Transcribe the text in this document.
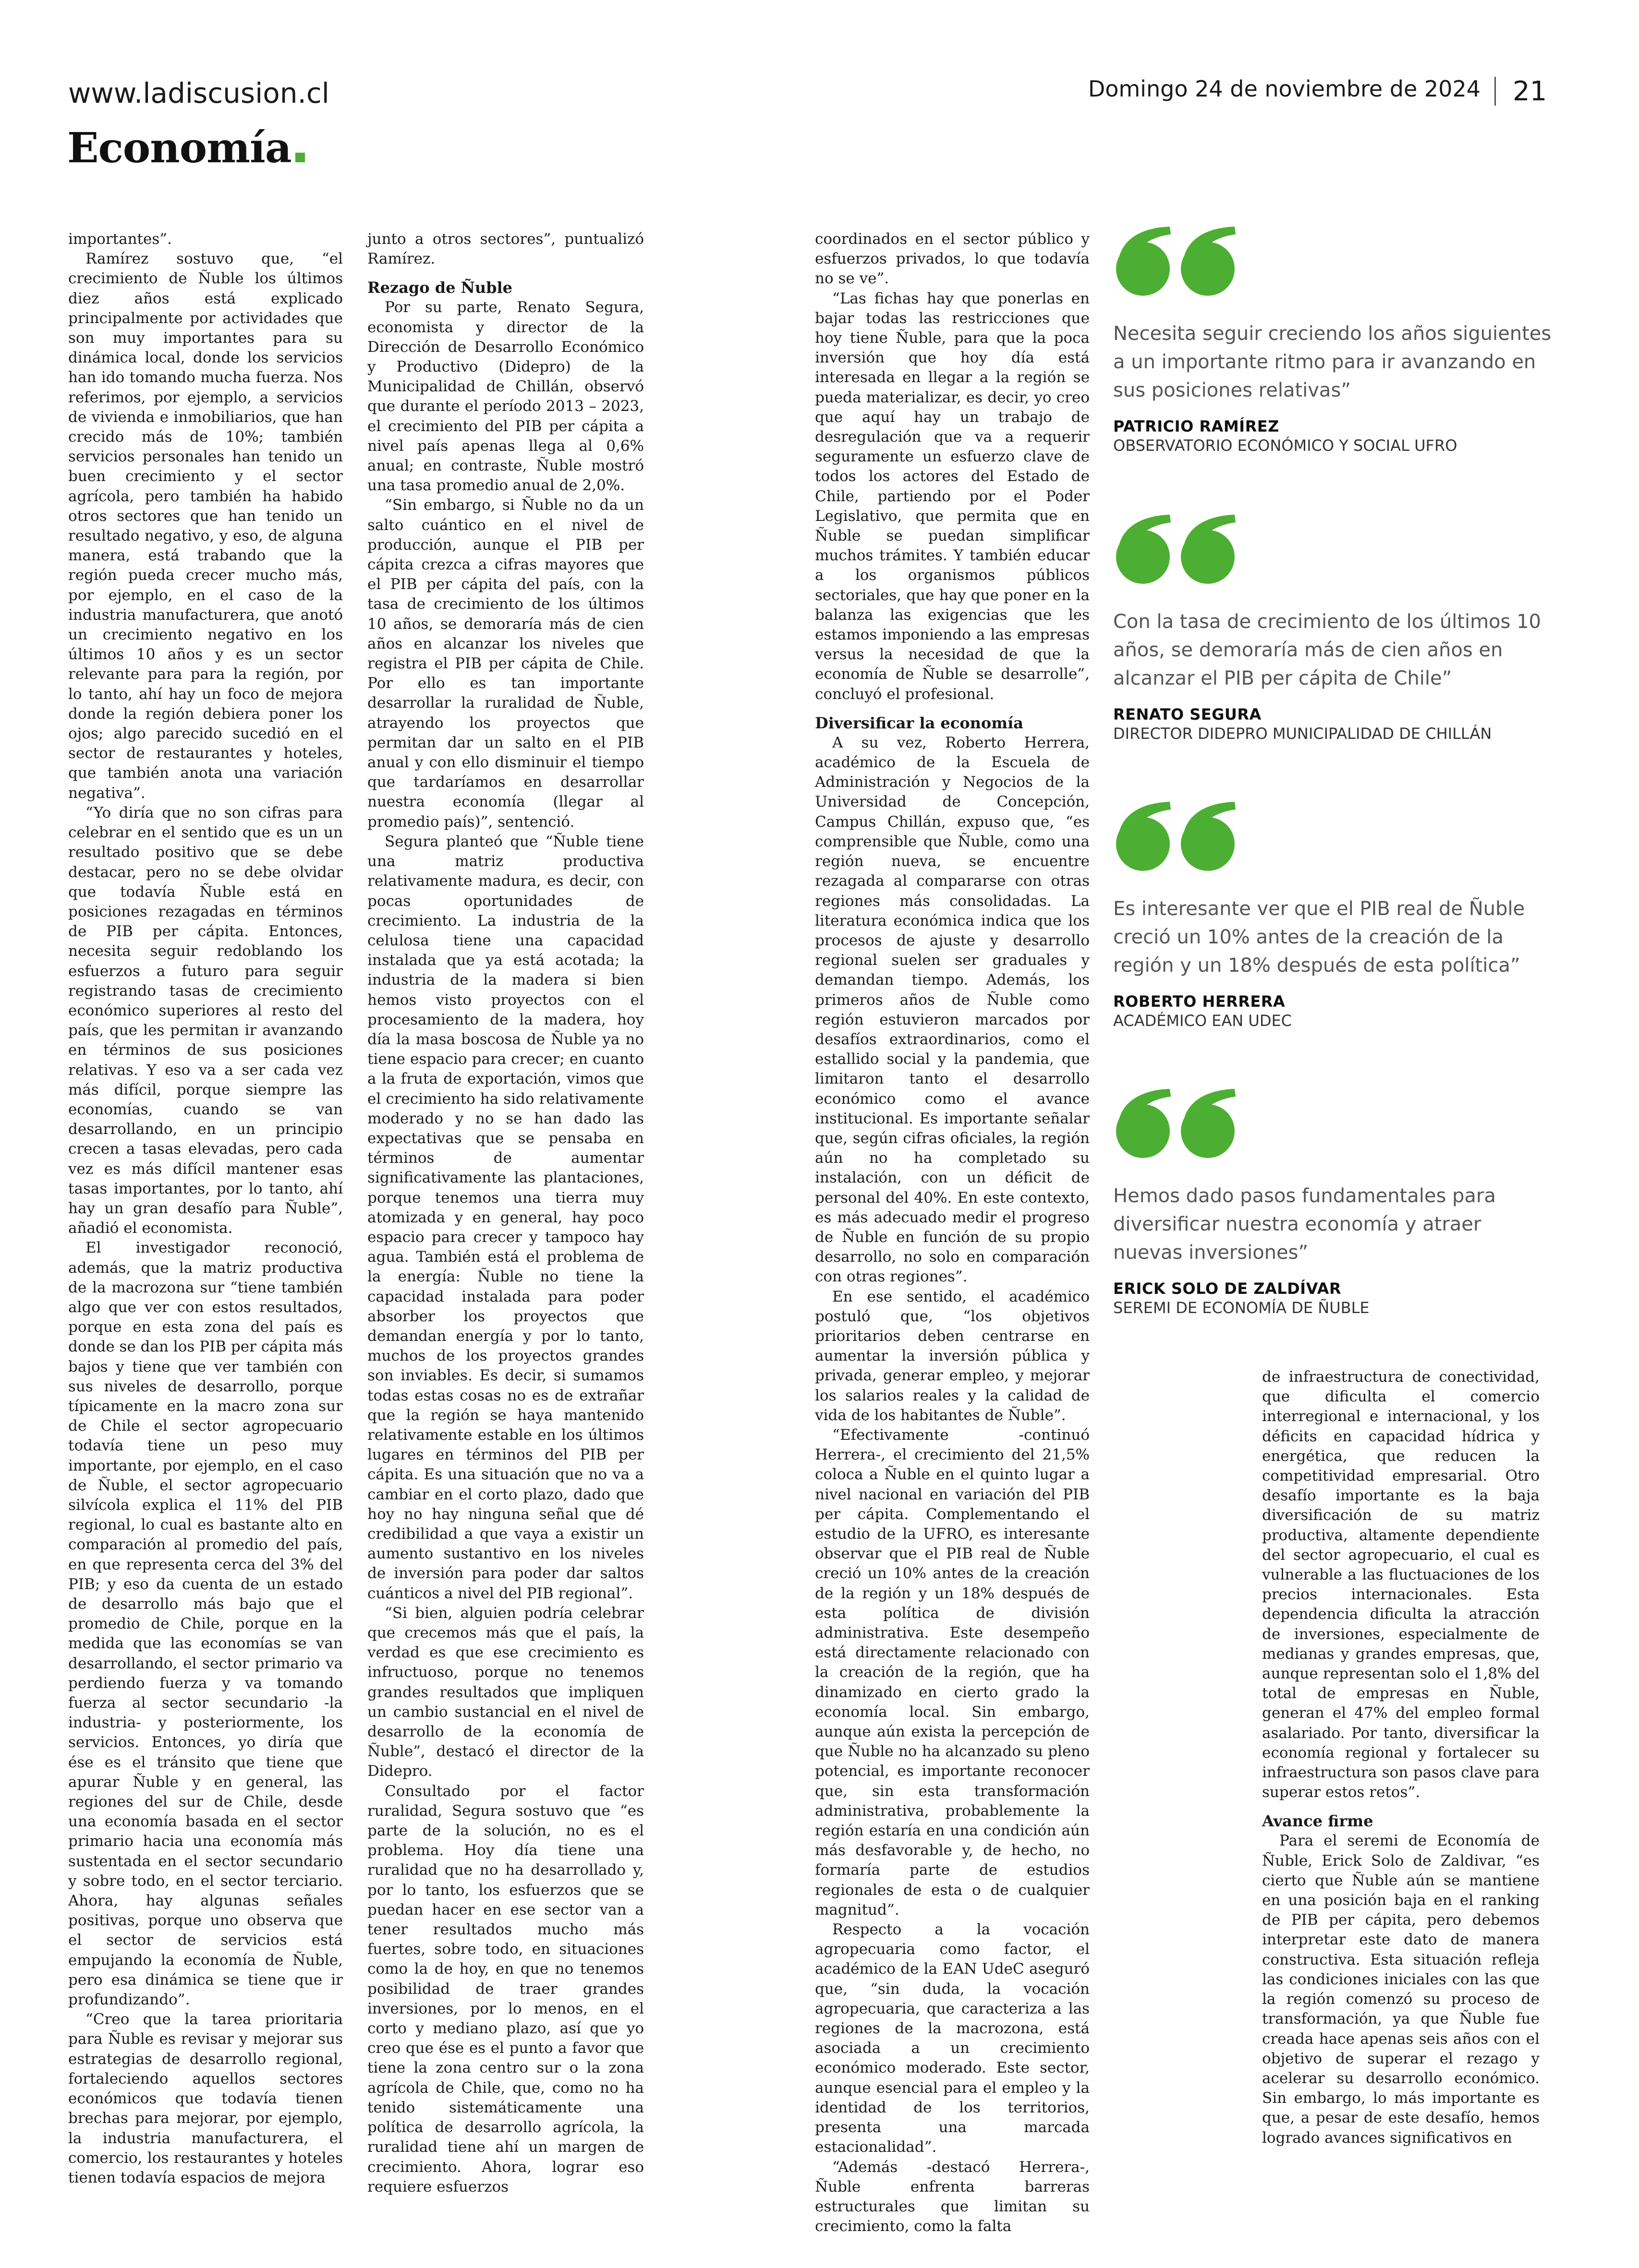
www.ladiscusion.cl	Domingo 24 de noviembre de 2024 21
Economía

importantes”.

Ramírez sostuvo que, “el crecimiento de Ñuble los últimos diez años está explicado principalmente por actividades que son muy importantes para su dinámica local, donde los servicios han ido tomando mucha fuerza. Nos referimos, por ejemplo, a servicios de vivienda e inmobiliarios, que han crecido más de 10%; también servicios personales han tenido un buen crecimiento y el sector agrícola, pero también ha habido otros sectores que han tenido un resultado negativo, y eso, de alguna manera, está trabando que la región pueda crecer mucho más, por ejemplo, en el caso de la industria manufacturera, que anotó un crecimiento negativo en los últimos 10 años y es un sector relevante para para la región, por lo tanto, ahí hay un foco de mejora donde la región debiera poner los ojos; algo parecido sucedió en el sector de restaurantes y hoteles, que también anota una variación negativa”.

“Yo diría que no son cifras para celebrar en el sentido que es un un resultado positivo que se debe destacar, pero no se debe olvidar que todavía Ñuble está en posiciones rezagadas en términos de PIB per cápita. Entonces, necesita seguir redoblando los esfuerzos a futuro para seguir registrando tasas de crecimiento económico superiores al resto del país, que les permitan ir avanzando en términos de sus posiciones relativas. Y eso va a ser cada vez más difícil, porque siempre las economías, cuando se van desarrollando, en un principio crecen a tasas elevadas, pero cada vez es más difícil mantener esas tasas importantes, por lo tanto, ahí hay un gran desafío para Ñuble”, añadió el economista.

El investigador reconoció, además, que la matriz productiva de la macrozona sur “tiene también algo que ver con estos resultados, porque en esta zona del país es donde se dan los PIB per cápita más bajos y tiene que ver también con sus niveles de desarrollo, porque típicamente en la macro zona sur de Chile el sector agropecuario todavía tiene un peso muy importante, por ejemplo, en el caso de Ñuble, el sector agropecuario silvícola explica el 11% del PIB regional, lo cual es bastante alto en comparación al promedio del país, en que representa cerca del 3% del PIB; y eso da cuenta de un estado de desarrollo más bajo que el promedio de Chile, porque en la medida que las economías se van desarrollando, el sector primario va perdiendo fuerza y va tomando fuerza al sector secundario -la industria- y posteriormente, los servicios. Entonces, yo diría que ése es el tránsito que tiene que apurar Ñuble y en general, las regiones del sur de Chile, desde una economía basada en el sector primario hacia una economía más sustentada en el sector secundario y sobre todo, en el sector terciario. Ahora, hay algunas señales positivas, porque uno observa que el sector de servicios está empujando la economía de Ñuble, pero esa dinámica se tiene que ir profundizando”.

“Creo que la tarea prioritaria para Ñuble es revisar y mejorar sus estrategias de desarrollo regional, fortaleciendo aquellos sectores económicos que todavía tienen brechas para mejorar, por ejemplo, la industria manufacturera, el comercio, los restaurantes y hoteles tienen todavía espacios de mejora

junto a otros sectores”, puntualizó Ramírez.

Rezago de Ñuble

Por su parte, Renato Segura, economista y director de la Dirección de Desarrollo Económico y Productivo (Didepro) de la Municipalidad de Chillán, observó que durante el período 2013 – 2023, el crecimiento del PIB per cápita a nivel país apenas llega al 0,6% anual; en contraste, Ñuble mostró una tasa promedio anual de 2,0%.

“Sin embargo, si Ñuble no da un salto cuántico en el nivel de producción, aunque el PIB per cápita crezca a cifras mayores que el PIB per cápita del país, con la tasa de crecimiento de los últimos 10 años, se demoraría más de cien años en alcanzar los niveles que registra el PIB per cápita de Chile. Por ello es tan importante desarrollar la ruralidad de Ñuble, atrayendo los proyectos que permitan dar un salto en el PIB anual y con ello disminuir el tiempo que tardaríamos en desarrollar nuestra economía (llegar al promedio país)”, sentenció.

Segura planteó que “Ñuble tiene una matriz productiva relativamente madura, es decir, con pocas oportunidades de crecimiento. La industria de la celulosa tiene una capacidad instalada que ya está acotada; la industria de la madera si bien hemos visto proyectos con el procesamiento de la madera, hoy día la masa boscosa de Ñuble ya no tiene espacio para crecer; en cuanto a la fruta de exportación, vimos que el crecimiento ha sido relativamente moderado y no se han dado las expectativas que se pensaba en términos de aumentar significativamente las plantaciones, porque tenemos una tierra muy atomizada y en general, hay poco espacio para crecer y tampoco hay agua. También está el problema de la energía: Ñuble no tiene la capacidad instalada para poder absorber los proyectos que demandan energía y por lo tanto, muchos de los proyectos grandes son inviables. Es decir, si sumamos todas estas cosas no es de extrañar que la región se haya mantenido relativamente estable en los últimos lugares en términos del PIB per cápita. Es una situación que no va a cambiar en el corto plazo, dado que hoy no hay ninguna señal que dé credibilidad a que vaya a existir un aumento sustantivo en los niveles de inversión para poder dar saltos cuánticos a nivel del PIB regional”.

“Si bien, alguien podría celebrar que crecemos más que el país, la verdad es que ese crecimiento es infructuoso, porque no tenemos grandes resultados que impliquen un cambio sustancial en el nivel de desarrollo de la economía de Ñuble”, destacó el director de la Didepro.

Consultado por el factor ruralidad, Segura sostuvo que “es parte de la solución, no es el problema. Hoy día tiene una ruralidad que no ha desarrollado y, por lo tanto, los esfuerzos que se puedan hacer en ese sector van a tener resultados mucho más fuertes, sobre todo, en situaciones como la de hoy, en que no tenemos posibilidad de traer grandes inversiones, por lo menos, en el corto y mediano plazo, así que yo creo que ése es el punto a favor que tiene la zona centro sur o la zona agrícola de Chile, que, como no ha tenido sistemáticamente una política de desarrollo agrícola, la ruralidad tiene ahí un margen de crecimiento. Ahora, lograr eso requiere esfuerzos

coordinados en el sector público y esfuerzos privados, lo que todavía no se ve”.

“Las fichas hay que ponerlas en bajar todas las restricciones que hoy tiene Ñuble, para que la poca inversión que hoy día está interesada en llegar a la región se pueda materializar, es decir, yo creo que aquí hay un trabajo de desregulación que va a requerir seguramente un esfuerzo clave de todos los actores del Estado de Chile, partiendo por el Poder Legislativo, que permita que en Ñuble se puedan simplificar muchos trámites. Y también educar a los organismos públicos sectoriales, que hay que poner en la balanza las exigencias que les estamos imponiendo a las empresas versus la necesidad de que la economía de Ñuble se desarrolle”, concluyó el profesional.

Diversificar la economía

A su vez, Roberto Herrera, académico de la Escuela de Administración y Negocios de la Universidad de Concepción, Campus Chillán, expuso que, “es comprensible que Ñuble, como una región nueva, se encuentre rezagada al compararse con otras regiones más consolidadas. La literatura económica indica que los procesos de ajuste y desarrollo regional suelen ser graduales y demandan tiempo. Además, los primeros años de Ñuble como región estuvieron marcados por desafíos extraordinarios, como el estallido social y la pandemia, que limitaron tanto el desarrollo económico como el avance institucional. Es importante señalar que, según cifras oficiales, la región aún no ha completado su instalación, con un déficit de personal del 40%. En este contexto, es más adecuado medir el progreso de Ñuble en función de su propio desarrollo, no solo en comparación con otras regiones”.

En ese sentido, el académico postuló que, “los objetivos prioritarios deben centrarse en aumentar la inversión pública y privada, generar empleo, y mejorar los salarios reales y la calidad de vida de los habitantes de Ñuble”.

“Efectivamente -continuó Herrera-, el crecimiento del 21,5% coloca a Ñuble en el quinto lugar a nivel nacional en variación del PIB per cápita. Complementando el estudio de la UFRO, es interesante observar que el PIB real de Ñuble creció un 10% antes de la creación de la región y un 18% después de esta política de división administrativa. Este desempeño está directamente relacionado con la creación de la región, que ha dinamizado en cierto grado la economía local. Sin embargo, aunque aún exista la percepción de que Ñuble no ha alcanzado su pleno potencial, es importante reconocer que, sin esta transformación administrativa, probablemente la región estaría en una condición aún más desfavorable y, de hecho, no formaría parte de estudios regionales de esta o de cualquier magnitud”.

Respecto a la vocación agropecuaria como factor, el académico de la EAN UdeC aseguró que, “sin duda, la vocación agropecuaria, que caracteriza a las regiones de la macrozona, está asociada a un crecimiento económico moderado. Este sector, aunque esencial para el empleo y la identidad de los territorios, presenta una marcada estacionalidad”.

“Además -destacó Herrera-, Ñuble enfrenta barreras estructurales que limitan su crecimiento, como la falta

de infraestructura de conectividad, que dificulta el comercio interregional e internacional, y los déficits en capacidad hídrica y energética, que reducen la competitividad empresarial. Otro desafío importante es la baja diversificación de su matriz productiva, altamente dependiente del sector agropecuario, el cual es vulnerable a las fluctuaciones de los precios internacionales. Esta dependencia dificulta la atracción de inversiones, especialmente de medianas y grandes empresas, que, aunque representan solo el 1,8% del total de empresas en Ñuble, generan el 47% del empleo formal asalariado. Por tanto, diversificar la economía regional y fortalecer su infraestructura son pasos clave para superar estos retos”.

Avance firme

Para el seremi de Economía de Ñuble, Erick Solo de Zaldivar, “es cierto que Ñuble aún se mantiene en una posición baja en el ranking de PIB per cápita, pero debemos interpretar este dato de manera constructiva. Esta situación refleja las condiciones iniciales con las que la región comenzó su proceso de transformación, ya que Ñuble fue creada hace apenas seis años con el objetivo de superar el rezago y acelerar su desarrollo económico. Sin embargo, lo más importante es que, a pesar de este desafío, hemos logrado avances significativos en

Necesita seguir creciendo los años siguientes a un importante ritmo para ir avanzando en sus posiciones relativas”
PATRICIO RAMÍREZ
OBSERVATORIO ECONÓMICO Y SOCIAL UFRO
Con la tasa de crecimiento de los últimos 10 años, se demoraría más de cien años en alcanzar el PIB per cápita de Chile”
RENATO SEGURA
DIRECTOR DIDEPRO MUNICIPALIDAD DE CHILLÁN
Es interesante ver que el PIB real de Ñuble creció un 10% antes de la creación de la región y un 18% después de esta política”
ROBERTO HERRERA
ACADÉMICO EAN UDEC
Hemos dado pasos fundamentales para diversificar nuestra economía y atraer nuevas inversiones”
ERICK SOLO DE ZALDÍVAR
SEREMI DE ECONOMÍA DE ÑUBLE
